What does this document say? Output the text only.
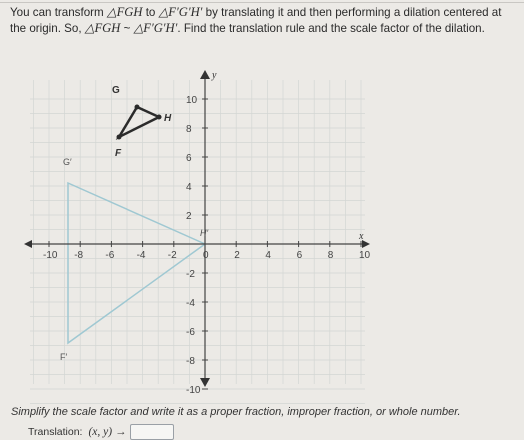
You can transform △FGH to △F′G′H′ by translating it and then performing a dilation centered at the origin. So, △FGH ~ △F′G′H′. Find the translation rule and the scale factor of the dilation.

-10 -8 -6 -4 -2	0	2	4	6	8	10
10
8
6
4
2
-2
-4
-6
-8
-10
y
x
G
H
F
G′
H′
F′
Simplify the scale factor and write it as a proper fraction, improper fraction, or whole number.
Translation: (x, y) →
